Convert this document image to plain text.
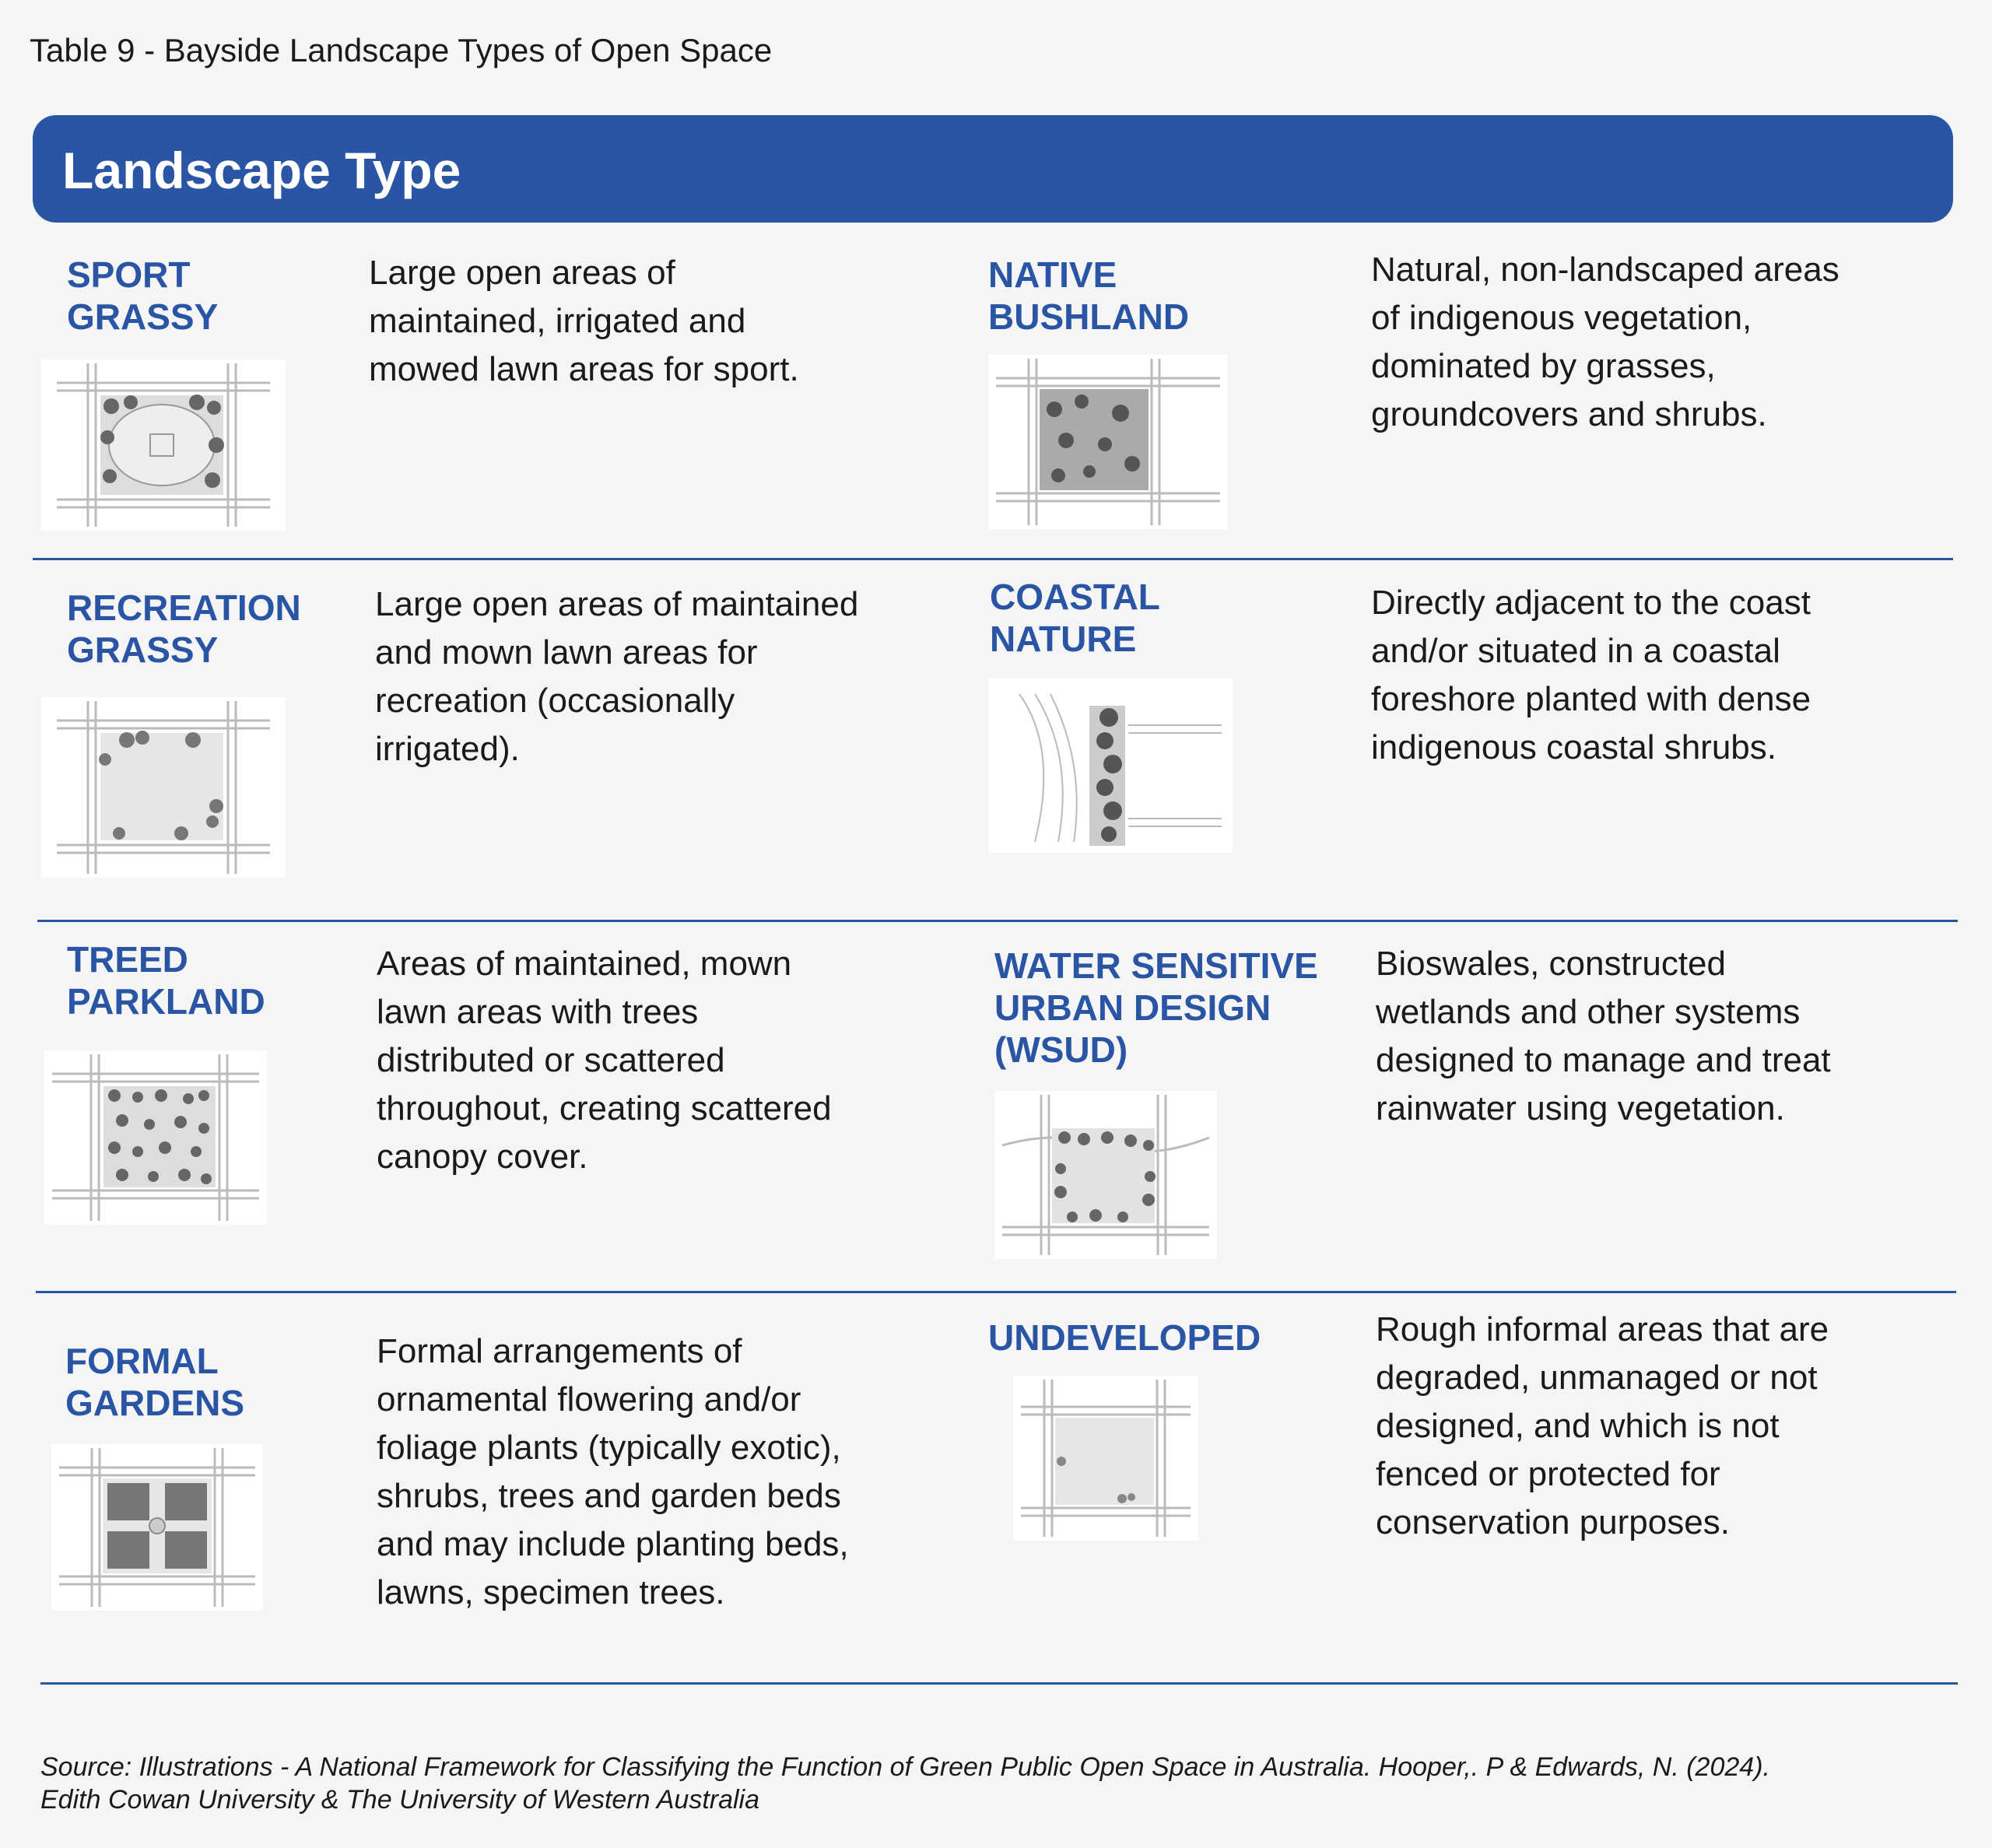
Table 9 - Bayside Landscape Types of Open Space
Landscape Type
SPORT
GRASSY
Large open areas of
maintained, irrigated and
mowed lawn areas for sport.
NATIVE
BUSHLAND
Natural, non-landscaped areas
of indigenous vegetation,
dominated by grasses,
groundcovers and shrubs.
RECREATION
GRASSY
Large open areas of maintained
and mown lawn areas for
recreation (occasionally
irrigated).
COASTAL
NATURE
Directly adjacent to the coast
and/or situated in a coastal
foreshore planted with dense
indigenous coastal shrubs.
TREED
PARKLAND
Areas of maintained, mown
lawn areas with trees
distributed or scattered
throughout, creating scattered
canopy cover.
WATER SENSITIVE
URBAN DESIGN
(WSUD)
Bioswales, constructed
wetlands and other systems
designed to manage and treat
rainwater using vegetation.
FORMAL
GARDENS
Formal arrangements of
ornamental flowering and/or
foliage plants (typically exotic),
shrubs, trees and garden beds
and may include planting beds,
lawns, specimen trees.
UNDEVELOPED	Rough informal areas that are
degraded, unmanaged or not
designed, and which is not
fenced or protected for
conservation purposes.
Source: Illustrations - A National Framework for Classifying the Function of Green Public Open Space in Australia. Hooper,. P & Edwards, N. (2024).
Edith Cowan University & The University of Western Australia
